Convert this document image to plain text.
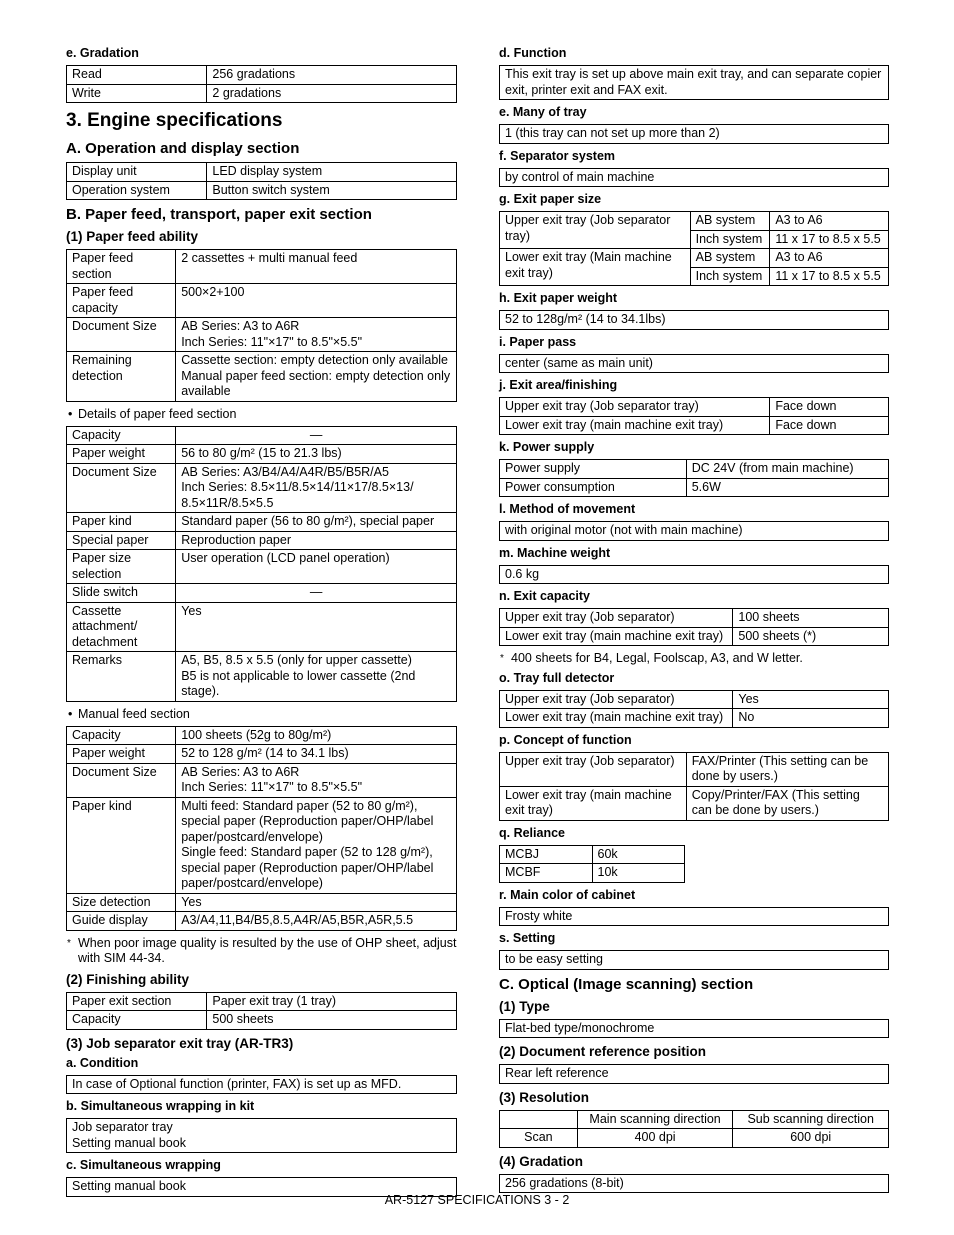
e. Gradation
Read	256 gradations
Write	2 gradations
3. Engine specifications
A. Operation and display section
Display unit	LED display system
Operation system	Button switch system
B. Paper feed, transport, paper exit section
(1) Paper feed ability
Paper feed section	2 cassettes + multi manual feed
Paper feed capacity	500×2+100
Document Size	AB Series: A3 to A6R
Inch Series: 11"×17" to 8.5"×5.5"
Remaining detection	Cassette section: empty detection only available
Manual paper feed section: empty detection only available
• Details of paper feed section
Capacity	—
Paper weight	56 to 80 g/m² (15 to 21.3 lbs)
Document Size	AB Series: A3/B4/A4/A4R/B5/B5R/A5
Inch Series: 8.5×11/8.5×14/11×17/8.5×13/
8.5×11R/8.5×5.5
Paper kind	Standard paper (56 to 80 g/m²), special paper
Special paper	Reproduction paper
Paper size selection	User operation (LCD panel operation)
Slide switch	—
Cassette attachment/ detachment	Yes
Remarks	A5, B5, 8.5 x 5.5 (only for upper cassette)
B5 is not applicable to lower cassette (2nd stage).
• Manual feed section
Capacity	100 sheets (52g to 80g/m²)
Paper weight	52 to 128 g/m² (14 to 34.1 lbs)
Document Size	AB Series: A3 to A6R
Inch Series: 11"×17" to 8.5"×5.5"
Paper kind	Multi feed: Standard paper (52 to 80 g/m²), special paper (Reproduction paper/OHP/label paper/postcard/envelope)
Single feed: Standard paper (52 to 128 g/m²), special paper (Reproduction paper/OHP/label paper/postcard/envelope)
Size detection	Yes
Guide display	A3/A4,11,B4/B5,8.5,A4R/A5,B5R,A5R,5.5
* When poor image quality is resulted by the use of OHP sheet, adjust with SIM 44-34.
(2) Finishing ability
Paper exit section	Paper exit tray (1 tray)
Capacity	500 sheets
(3) Job separator exit tray (AR-TR3)
a. Condition
In case of Optional function (printer, FAX) is set up as MFD.
b. Simultaneous wrapping in kit
Job separator tray
Setting manual book
c. Simultaneous wrapping
Setting manual book
d. Function
This exit tray is set up above main exit tray, and can separate copier exit, printer exit and FAX exit.
e. Many of tray
1 (this tray can not set up more than 2)
f. Separator system
by control of main machine
g. Exit paper size
Upper exit tray (Job separator tray)	AB system	A3 to A6
	Inch system	11 x 17 to 8.5 x 5.5
Lower exit tray (Main machine exit tray)	AB system	A3 to A6
	Inch system	11 x 17 to 8.5 x 5.5
h. Exit paper weight
52 to 128g/m² (14 to 34.1lbs)
i. Paper pass
center (same as main unit)
j. Exit area/finishing
Upper exit tray (Job separator tray)	Face down
Lower exit tray (main machine exit tray)	Face down
k. Power supply
Power supply	DC 24V (from main machine)
Power consumption	5.6W
l. Method of movement
with original motor (not with main machine)
m. Machine weight
0.6 kg
n. Exit capacity
Upper exit tray (Job separator)	100 sheets
Lower exit tray (main machine exit tray)	500 sheets (*)
* 400 sheets for B4, Legal, Foolscap, A3, and W letter.
o. Tray full detector
Upper exit tray (Job separator)	Yes
Lower exit tray (main machine exit tray)	No
p. Concept of function
Upper exit tray (Job separator)	FAX/Printer (This setting can be done by users.)
Lower exit tray (main machine exit tray)	Copy/Printer/FAX (This setting can be done by users.)
q. Reliance
MCBJ	60k
MCBF	10k
r. Main color of cabinet
Frosty white
s. Setting
to be easy setting
C. Optical (Image scanning) section
(1) Type
Flat-bed type/monochrome
(2) Document reference position
Rear left reference
(3) Resolution
	Main scanning direction	Sub scanning direction
Scan	400 dpi	600 dpi
(4) Gradation
256 gradations (8-bit)
AR-5127 SPECIFICATIONS 3 - 2
